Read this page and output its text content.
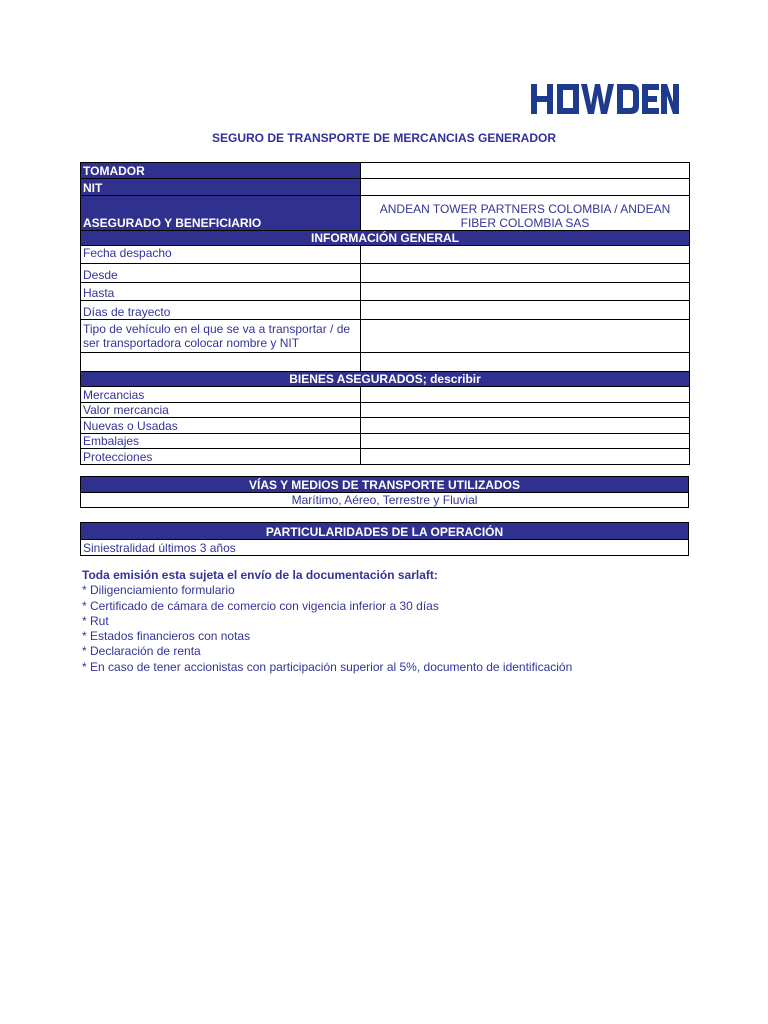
SEGURO DE TRANSPORTE DE MERCANCIAS GENERADOR
TOMADOR	
NIT	
ASEGURADO Y BENEFICIARIO	ANDEAN TOWER PARTNERS COLOMBIA / ANDEAN FIBER COLOMBIA SAS
INFORMACIÓN GENERAL	
Fecha despacho	
Desde	
Hasta	
Días de trayecto	
Tipo de vehículo en el que se va a transportar / de ser transportadora colocar nombre y NIT	

BIENES ASEGURADOS; describir	
Mercancias	
Valor mercancia	
Nuevas o Usadas	
Embalajes	
Protecciones	
VÍAS Y MEDIOS DE TRANSPORTE UTILIZADOS
Marítimo, Aéreo, Terrestre y Fluvial
PARTICULARIDADES DE LA OPERACIÓN
Siniestralidad últimos 3 años
Toda emisión esta sujeta el envío de la documentación sarlaft:
* Diligenciamiento formulario
* Certificado de cámara de comercio con vigencia inferior a 30 días
* Rut
* Estados financieros con notas
* Declaración de renta
* En caso de tener accionistas con participación superior al 5%, documento de identificación
